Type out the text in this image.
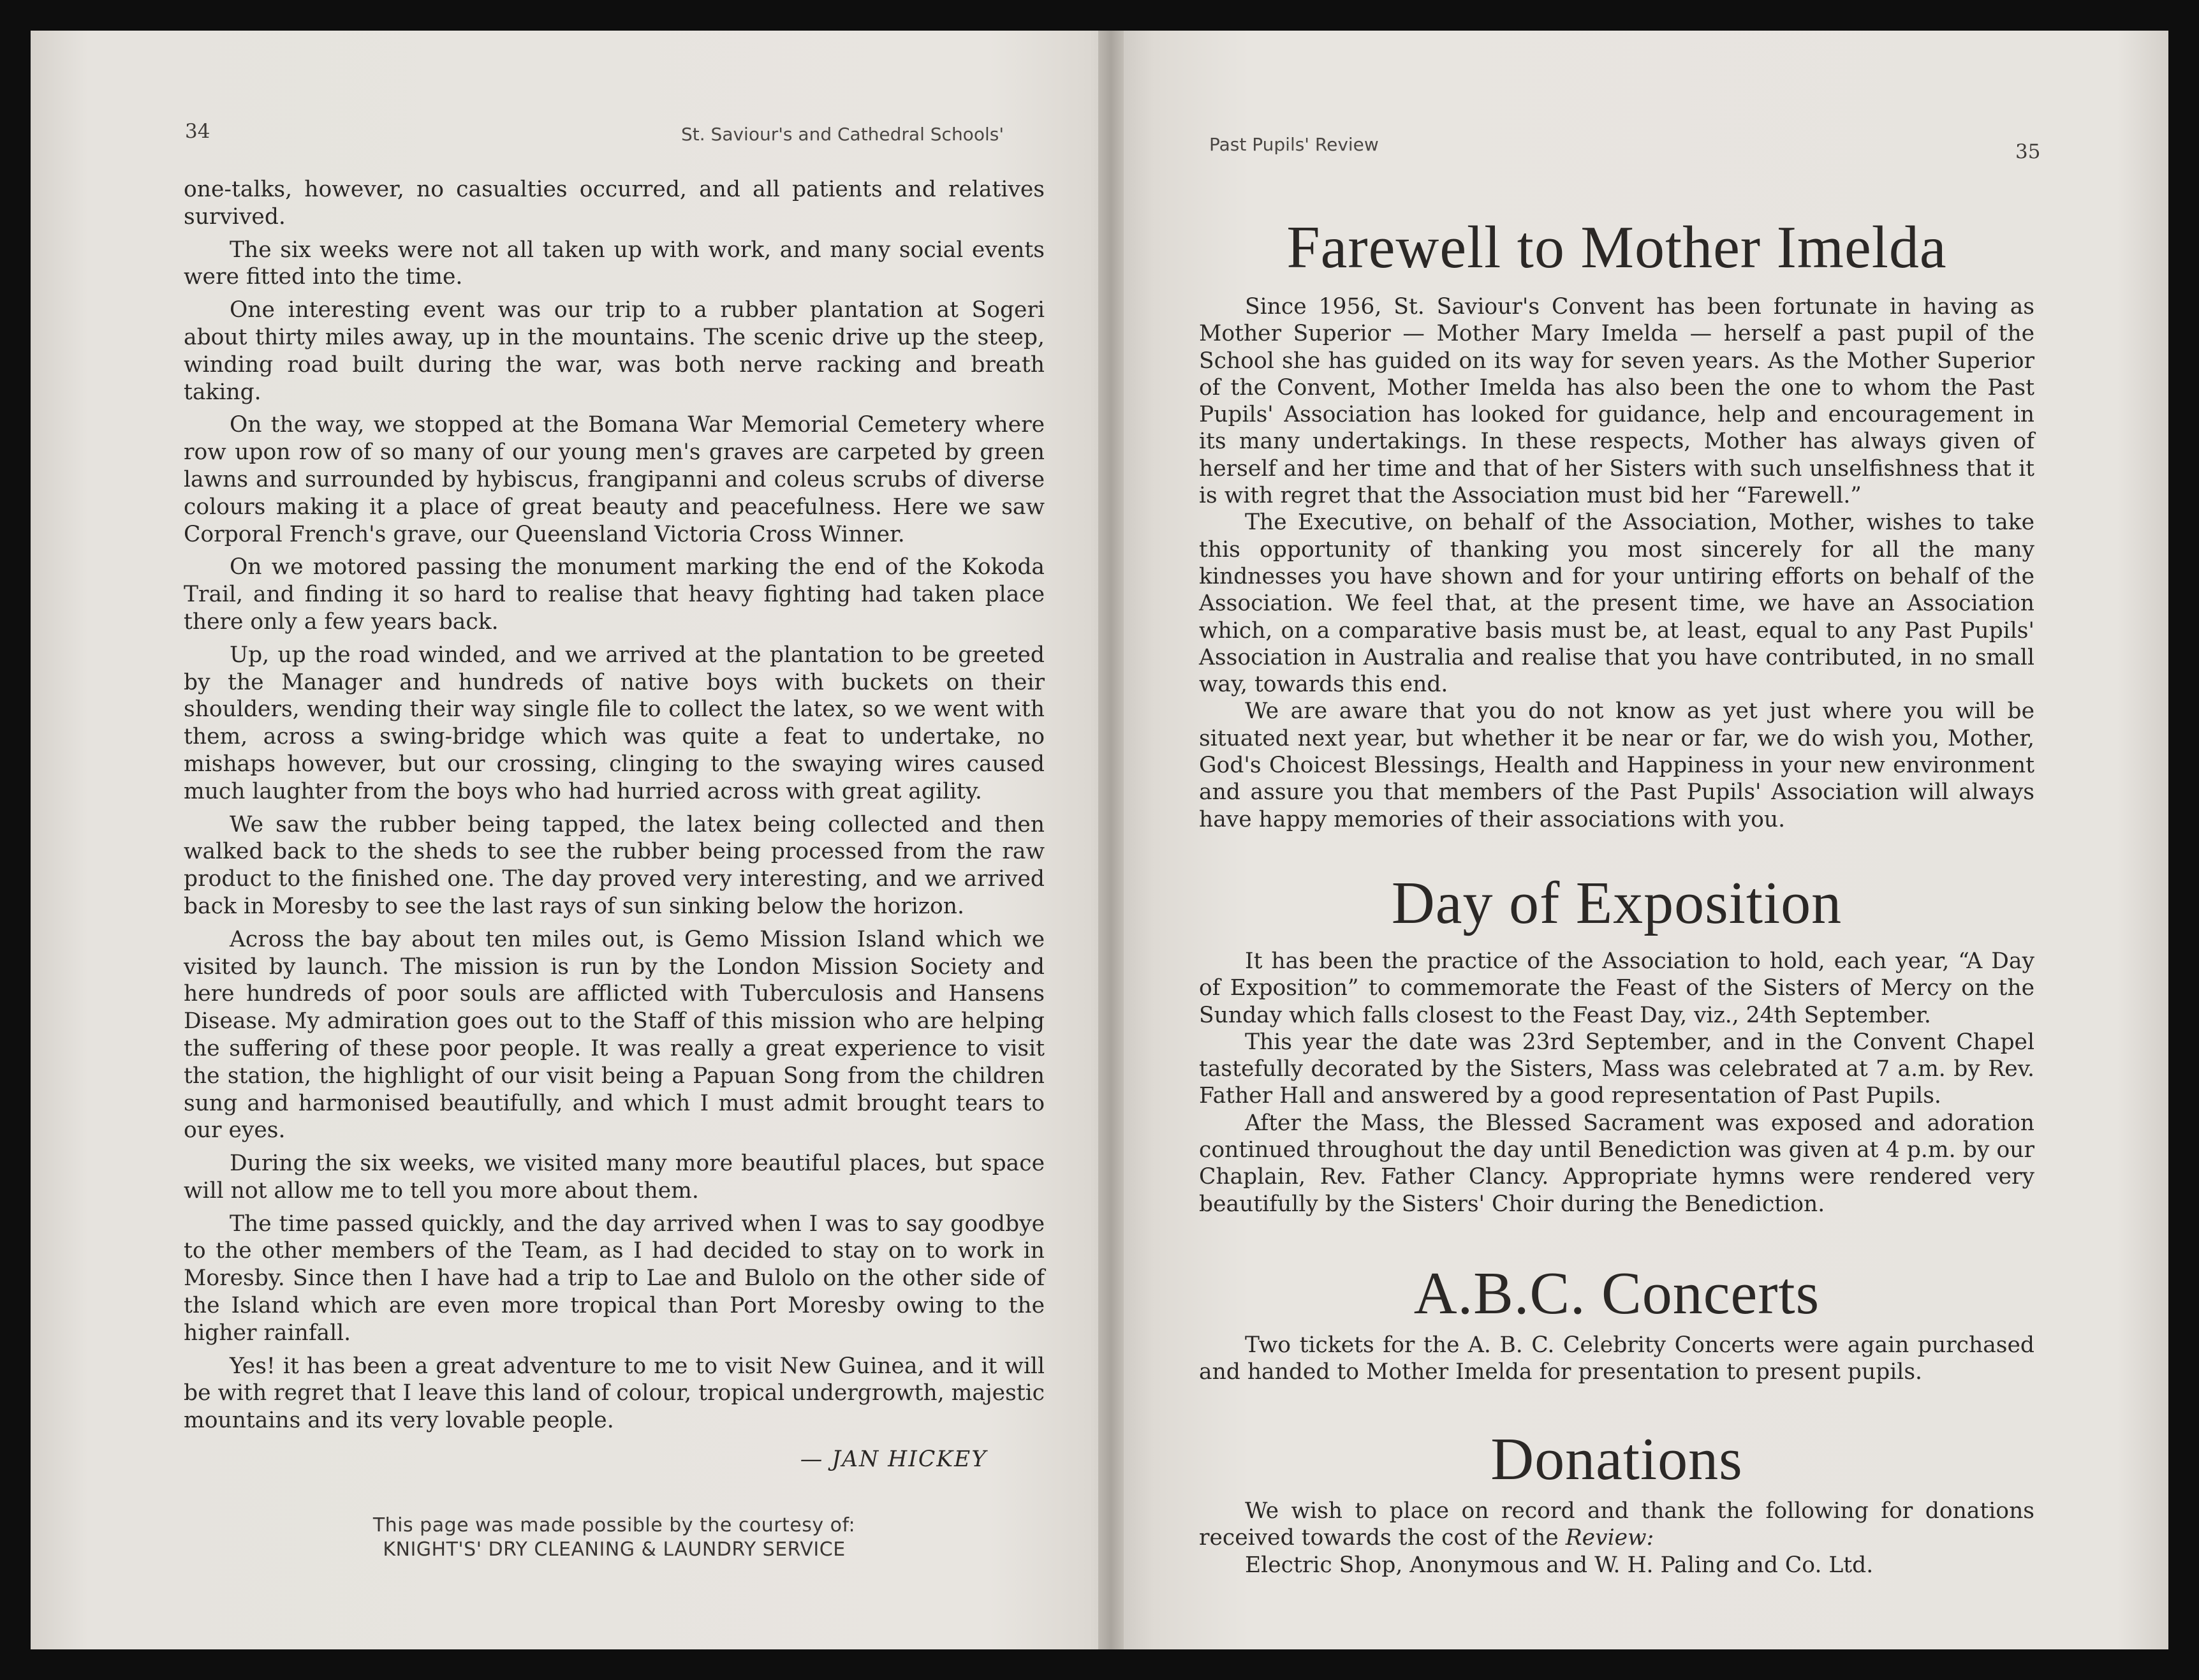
34	St. Saviour's and Cathedral Schools'

one-talks, however, no casualties occurred, and all patients and relatives survived.

The six weeks were not all taken up with work, and many social events were fitted into the time.

One interesting event was our trip to a rubber plantation at Sogeri about thirty miles away, up in the mountains. The scenic drive up the steep, winding road built during the war, was both nerve racking and breath taking.

On the way, we stopped at the Bomana War Memorial Cemetery where row upon row of so many of our young men's graves are carpeted by green lawns and surrounded by hybiscus, frangipanni and coleus scrubs of diverse colours making it a place of great beauty and peacefulness. Here we saw Corporal French's grave, our Queensland Victoria Cross Winner.

On we motored passing the monument marking the end of the Kokoda Trail, and finding it so hard to realise that heavy fighting had taken place there only a few years back.

Up, up the road winded, and we arrived at the plantation to be greeted by the Manager and hundreds of native boys with buckets on their shoulders, wending their way single file to collect the latex, so we went with them, across a swing-bridge which was quite a feat to undertake, no mishaps however, but our crossing, clinging to the swaying wires caused much laughter from the boys who had hurried across with great agility.

We saw the rubber being tapped, the latex being collected and then walked back to the sheds to see the rubber being processed from the raw product to the finished one. The day proved very interesting, and we arrived back in Moresby to see the last rays of sun sinking below the horizon.

Across the bay about ten miles out, is Gemo Mission Island which we visited by launch. The mission is run by the London Mission Society and here hundreds of poor souls are afflicted with Tuberculosis and Hansens Disease. My admiration goes out to the Staff of this mission who are helping the suffering of these poor people. It was really a great experience to visit the station, the highlight of our visit being a Papuan Song from the children sung and harmonised beautifully, and which I must admit brought tears to our eyes.

During the six weeks, we visited many more beautiful places, but space will not allow me to tell you more about them.

The time passed quickly, and the day arrived when I was to say goodbye to the other members of the Team, as I had decided to stay on to work in Moresby. Since then I have had a trip to Lae and Bulolo on the other side of the Island which are even more tropical than Port Moresby owing to the higher rainfall.

Yes! it has been a great adventure to me to visit New Guinea, and it will be with regret that I leave this land of colour, tropical undergrowth, majestic mountains and its very lovable people.

— JAN HICKEY

This page was made possible by the courtesy of:
KNIGHT'S' DRY CLEANING & LAUNDRY SERVICE
Past Pupils' Review	35
Farewell to Mother Imelda

Since 1956, St. Saviour's Convent has been fortunate in having as Mother Superior — Mother Mary Imelda — herself a past pupil of the School she has guided on its way for seven years. As the Mother Superior of the Convent, Mother Imelda has also been the one to whom the Past Pupils' Association has looked for guidance, help and encouragement in its many undertakings. In these respects, Mother has always given of herself and her time and that of her Sisters with such unselfishness that it is with regret that the Association must bid her “Farewell.”

The Executive, on behalf of the Association, Mother, wishes to take this opportunity of thanking you most sincerely for all the many kindnesses you have shown and for your untiring efforts on behalf of the Association. We feel that, at the present time, we have an Association which, on a comparative basis must be, at least, equal to any Past Pupils' Association in Australia and realise that you have contributed, in no small way, towards this end.

We are aware that you do not know as yet just where you will be situated next year, but whether it be near or far, we do wish you, Mother, God's Choicest Blessings, Health and Happiness in your new environment and assure you that members of the Past Pupils' Association will always have happy memories of their associations with you.

Day of Exposition

It has been the practice of the Association to hold, each year, “A Day of Exposition” to commemorate the Feast of the Sisters of Mercy on the Sunday which falls closest to the Feast Day, viz., 24th September.

This year the date was 23rd September, and in the Convent Chapel tastefully decorated by the Sisters, Mass was celebrated at 7 a.m. by Rev. Father Hall and answered by a good representation of Past Pupils.

After the Mass, the Blessed Sacrament was exposed and adoration continued throughout the day until Benediction was given at 4 p.m. by our Chaplain, Rev. Father Clancy. Appropriate hymns were rendered very beautifully by the Sisters' Choir during the Benediction.

A.B.C. Concerts

Two tickets for the A. B. C. Celebrity Concerts were again purchased and handed to Mother Imelda for presentation to present pupils.

Donations

We wish to place on record and thank the following for donations received towards the cost of the Review:

Electric Shop, Anonymous and W. H. Paling and Co. Ltd.
